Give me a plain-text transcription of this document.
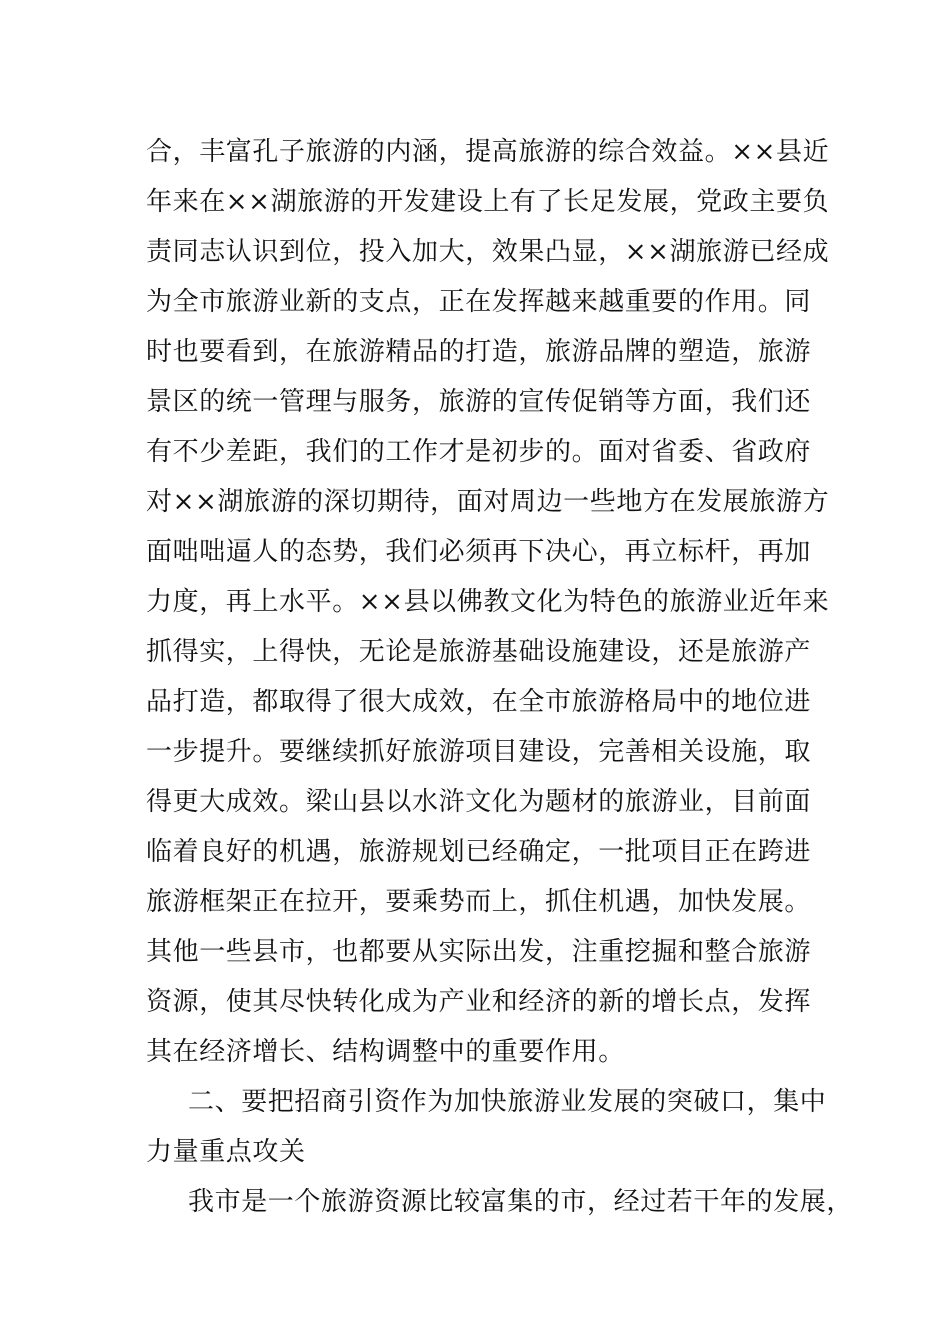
合，丰富孔子旅游的内涵，提高旅游的综合效益。××县近
年来在××湖旅游的开发建设上有了长足发展，党政主要负
责同志认识到位，投入加大，效果凸显，××湖旅游已经成
为全市旅游业新的支点，正在发挥越来越重要的作用。同
时也要看到，在旅游精品的打造，旅游品牌的塑造，旅游
景区的统一管理与服务，旅游的宣传促销等方面，我们还
有不少差距，我们的工作才是初步的。面对省委、省政府
对××湖旅游的深切期待，面对周边一些地方在发展旅游方
面咄咄逼人的态势，我们必须再下决心，再立标杆，再加
力度，再上水平。××县以佛教文化为特色的旅游业近年来
抓得实，上得快，无论是旅游基础设施建设，还是旅游产
品打造，都取得了很大成效，在全市旅游格局中的地位进
一步提升。要继续抓好旅游项目建设，完善相关设施，取
得更大成效。梁山县以水浒文化为题材的旅游业，目前面
临着良好的机遇，旅游规划已经确定，一批项目正在跨进
旅游框架正在拉开，要乘势而上，抓住机遇，加快发展。
其他一些县市，也都要从实际出发，注重挖掘和整合旅游
资源，使其尽快转化成为产业和经济的新的增长点，发挥
其在经济增长、结构调整中的重要作用。
二、要把招商引资作为加快旅游业发展的突破口，集中
力量重点攻关
我市是一个旅游资源比较富集的市，经过若干年的发展，
